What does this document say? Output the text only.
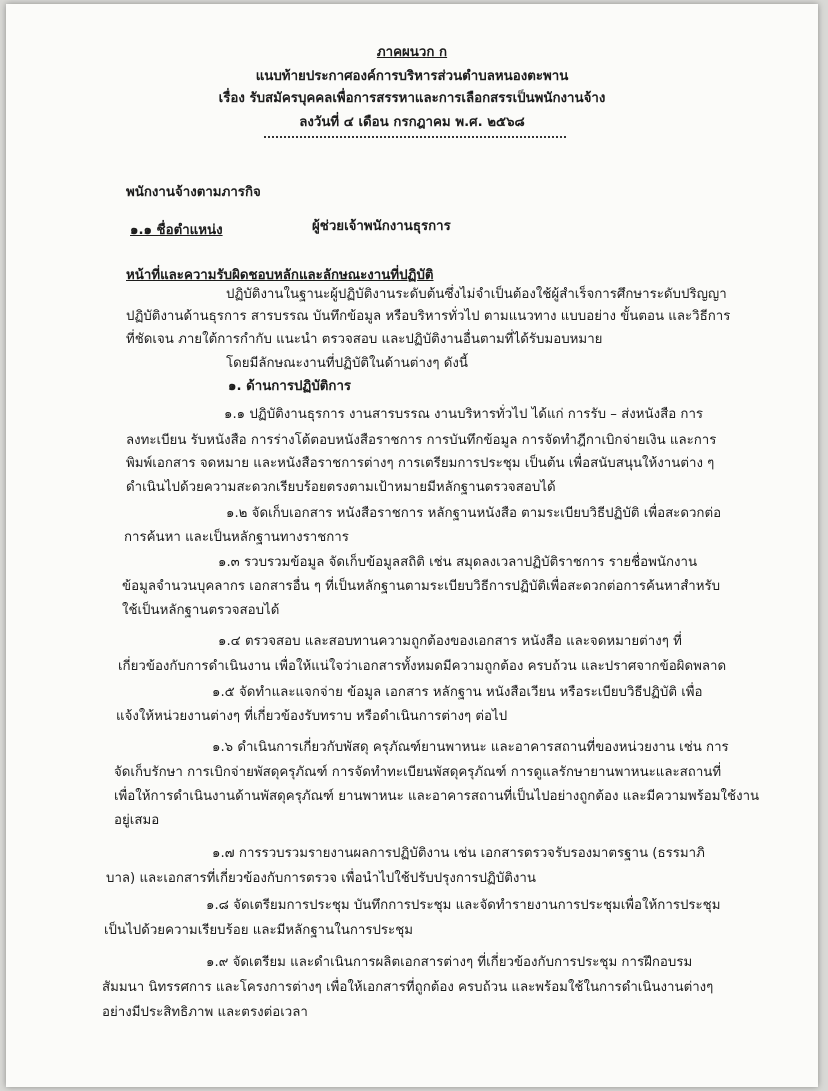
ภาคผนวก ก
แนบท้ายประกาศองค์การบริหารส่วนตำบลหนองตะพาน
เรื่อง รับสมัครบุคคลเพื่อการสรรหาและการเลือกสรรเป็นพนักงานจ้าง
ลงวันที่ ๔ เดือน กรกฎาคม พ.ศ. ๒๕๖๘
พนักงานจ้างตามภารกิจ
๑.๑ ชื่อตำแหน่ง	ผู้ช่วยเจ้าพนักงานธุรการ
หน้าที่และความรับผิดชอบหลักและลักษณะงานที่ปฏิบัติ
ปฏิบัติงานในฐานะผู้ปฏิบัติงานระดับต้นซึ่งไม่จำเป็นต้องใช้ผู้สำเร็จการศึกษาระดับปริญญา
ปฏิบัติงานด้านธุรการ สารบรรณ บันทึกข้อมูล หรือบริหารทั่วไป ตามแนวทาง แบบอย่าง ขั้นตอน และวิธีการ
ที่ชัดเจน ภายใต้การกำกับ แนะนำ ตรวจสอบ และปฏิบัติงานอื่นตามที่ได้รับมอบหมาย
โดยมีลักษณะงานที่ปฏิบัติในด้านต่างๆ ดังนี้
๑. ด้านการปฏิบัติการ
๑.๑ ปฏิบัติงานธุรการ งานสารบรรณ งานบริหารทั่วไป ได้แก่ การรับ – ส่งหนังสือ การ
ลงทะเบียน รับหนังสือ การร่างโต้ตอบหนังสือราชการ การบันทึกข้อมูล การจัดทำฎีกาเบิกจ่ายเงิน และการ
พิมพ์เอกสาร จดหมาย และหนังสือราชการต่างๆ การเตรียมการประชุม เป็นต้น เพื่อสนับสนุนให้งานต่าง ๆ
ดำเนินไปด้วยความสะดวกเรียบร้อยตรงตามเป้าหมายมีหลักฐานตรวจสอบได้
๑.๒ จัดเก็บเอกสาร หนังสือราชการ หลักฐานหนังสือ ตามระเบียบวิธีปฏิบัติ เพื่อสะดวกต่อ
การค้นหา และเป็นหลักฐานทางราชการ
๑.๓ รวบรวมข้อมูล จัดเก็บข้อมูลสถิติ เช่น สมุดลงเวลาปฏิบัติราชการ รายชื่อพนักงาน
ข้อมูลจำนวนบุคลากร เอกสารอื่น ๆ ที่เป็นหลักฐานตามระเบียบวิธีการปฏิบัติเพื่อสะดวกต่อการค้นหาสำหรับ
ใช้เป็นหลักฐานตรวจสอบได้
๑.๔ ตรวจสอบ และสอบทานความถูกต้องของเอกสาร หนังสือ และจดหมายต่างๆ ที่
เกี่ยวข้องกับการดำเนินงาน เพื่อให้แน่ใจว่าเอกสารทั้งหมดมีความถูกต้อง ครบถ้วน และปราศจากข้อผิดพลาด
๑.๕ จัดทำและแจกจ่าย ข้อมูล เอกสาร หลักฐาน หนังสือเวียน หรือระเบียบวิธีปฏิบัติ เพื่อ
แจ้งให้หน่วยงานต่างๆ ที่เกี่ยวข้องรับทราบ หรือดำเนินการต่างๆ ต่อไป
๑.๖ ดำเนินการเกี่ยวกับพัสดุ ครุภัณฑ์ยานพาหนะ และอาคารสถานที่ของหน่วยงาน เช่น การ
จัดเก็บรักษา การเบิกจ่ายพัสดุครุภัณฑ์ การจัดทำทะเบียนพัสดุครุภัณฑ์ การดูแลรักษายานพาหนะและสถานที่
เพื่อให้การดำเนินงานด้านพัสดุครุภัณฑ์ ยานพาหนะ และอาคารสถานที่เป็นไปอย่างถูกต้อง และมีความพร้อมใช้งาน
อยู่เสมอ
๑.๗ การรวบรวมรายงานผลการปฏิบัติงาน เช่น เอกสารตรวจรับรองมาตรฐาน (ธรรมาภิ
บาล) และเอกสารที่เกี่ยวข้องกับการตรวจ เพื่อนำไปใช้ปรับปรุงการปฏิบัติงาน
๑.๘ จัดเตรียมการประชุม บันทึกการประชุม และจัดทำรายงานการประชุมเพื่อให้การประชุม
เป็นไปด้วยความเรียบร้อย และมีหลักฐานในการประชุม
๑.๙ จัดเตรียม และดำเนินการผลิตเอกสารต่างๆ ที่เกี่ยวข้องกับการประชุม การฝึกอบรม
สัมมนา นิทรรศการ และโครงการต่างๆ เพื่อให้เอกสารที่ถูกต้อง ครบถ้วน และพร้อมใช้ในการดำเนินงานต่างๆ
อย่างมีประสิทธิภาพ และตรงต่อเวลา
